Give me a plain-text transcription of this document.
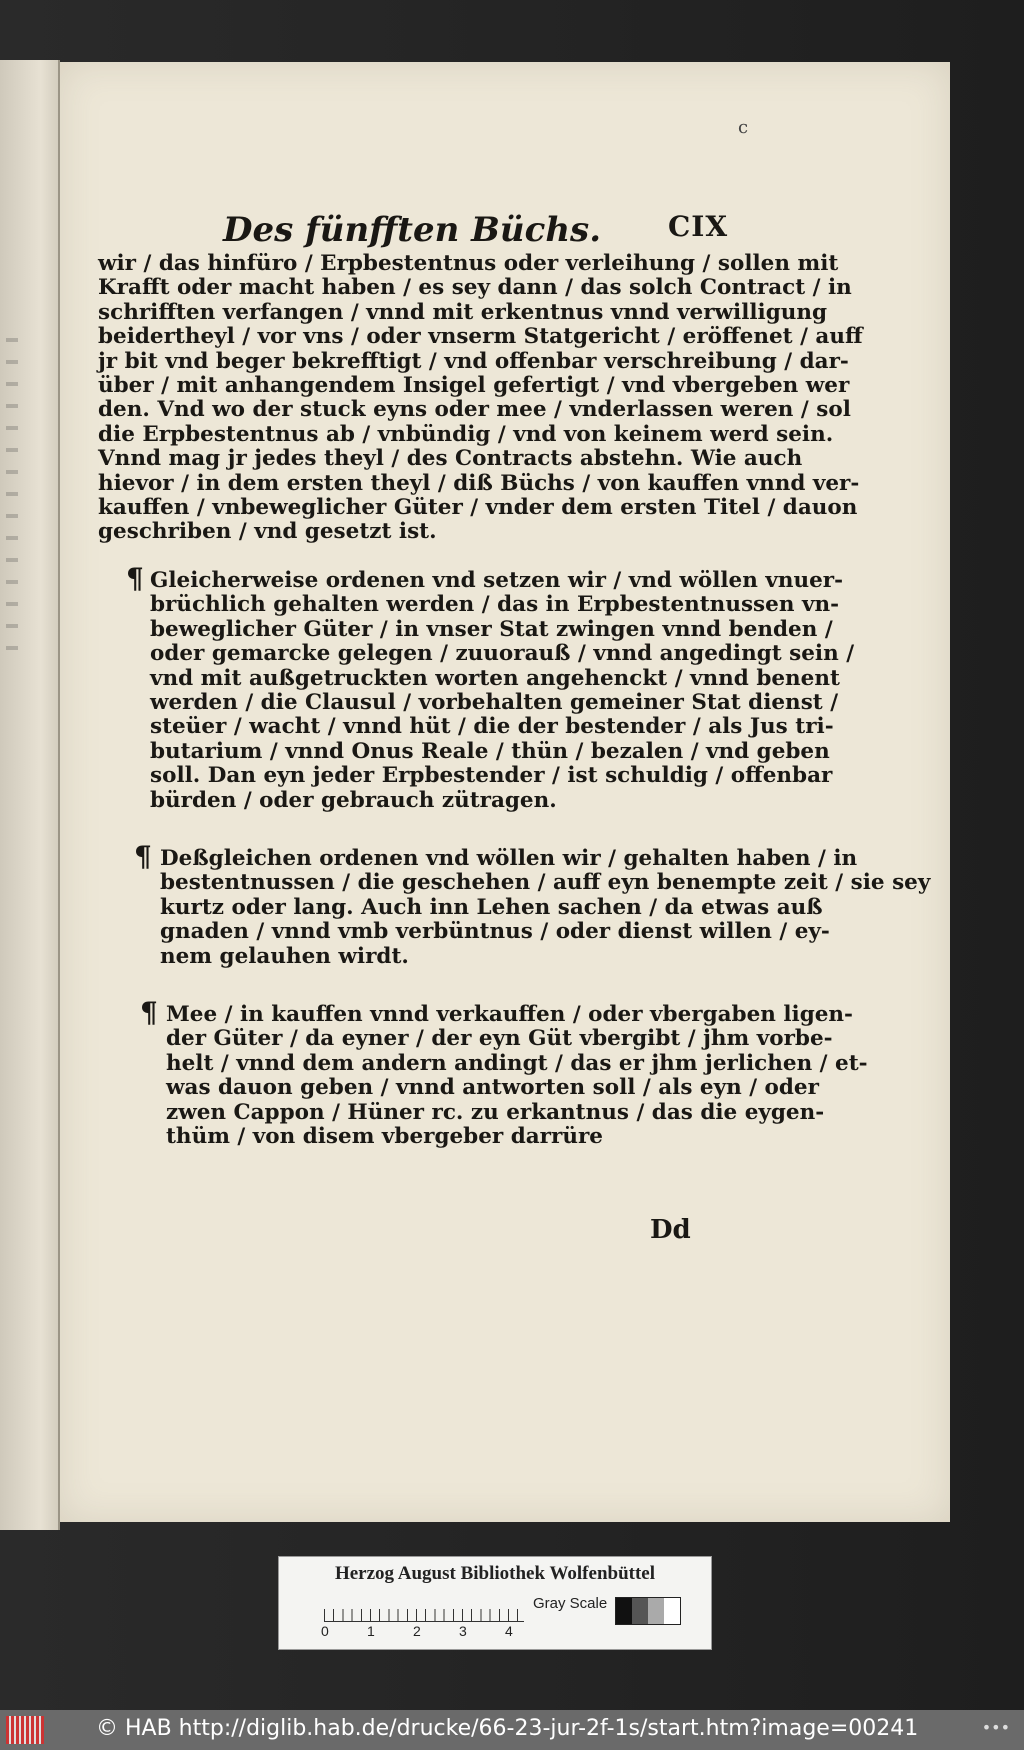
c
Des fünfften Büchs. CIX
wir / das hinfüro / Erpbestentnus oder verleihung / sollen mit
Krafft oder macht haben / es sey dann / das solch Contract / in
schrifften verfangen / vnnd mit erkentnus vnnd verwilligung
beidertheyl / vor vns / oder vnserm Statgericht / eröffenet / auff
jr bit vnd beger bekrefftigt / vnd offenbar verschreibung / dar-
über / mit anhangendem Insigel gefertigt / vnd vbergeben wer
den. Vnd wo der stuck eyns oder mee / vnderlassen weren / sol
die Erpbestentnus ab / vnbündig / vnd von keinem werd sein.
Vnnd mag jr jedes theyl / des Contracts abstehn. Wie auch
hievor / in dem ersten theyl / diß Büchs / von kauffen vnnd ver-
kauffen / vnbeweglicher Güter / vnder dem ersten Titel / dauon
geschriben / vnd gesetzt ist.
¶ Gleicherweise ordenen vnd setzen wir / vnd wöllen vnuer-
brüchlich gehalten werden / das in Erpbestentnussen vn-
beweglicher Güter / in vnser Stat zwingen vnnd benden /
oder gemarcke gelegen / zuuorauß / vnnd angedingt sein /
vnd mit außgetruckten worten angehenckt / vnnd benent
werden / die Clausul / vorbehalten gemeiner Stat dienst /
steüer / wacht / vnnd hüt / die der bestender / als Jus tri-
butarium / vnnd Onus Reale / thün / bezalen / vnd geben
soll. Dan eyn jeder Erpbestender / ist schuldig / offenbar
bürden / oder gebrauch zütragen.
¶ Deßgleichen ordenen vnd wöllen wir / gehalten haben / in
bestentnussen / die geschehen / auff eyn benempte zeit / sie sey
kurtz oder lang. Auch inn Lehen sachen / da etwas auß
gnaden / vnnd vmb verbüntnus / oder dienst willen / ey-
nem gelauhen wirdt.
¶ Mee / in kauffen vnnd verkauffen / oder vbergaben ligen-
der Güter / da eyner / der eyn Güt vbergibt / jhm vorbe-
helt / vnnd dem andern andingt / das er jhm jerlichen / et-
was dauon geben / vnnd antworten soll / als eyn / oder
zwen Cappon / Hüner rc. zu erkantnus / das die eygen-
thüm / von disem vbergeber darrüre
Dd
Herzog August Bibliothek Wolfenbüttel
0	1	2	3	4
Gray Scale
© HAB http://diglib.hab.de/drucke/66-23-jur-2f-1s/start.htm?image=00241	•••
